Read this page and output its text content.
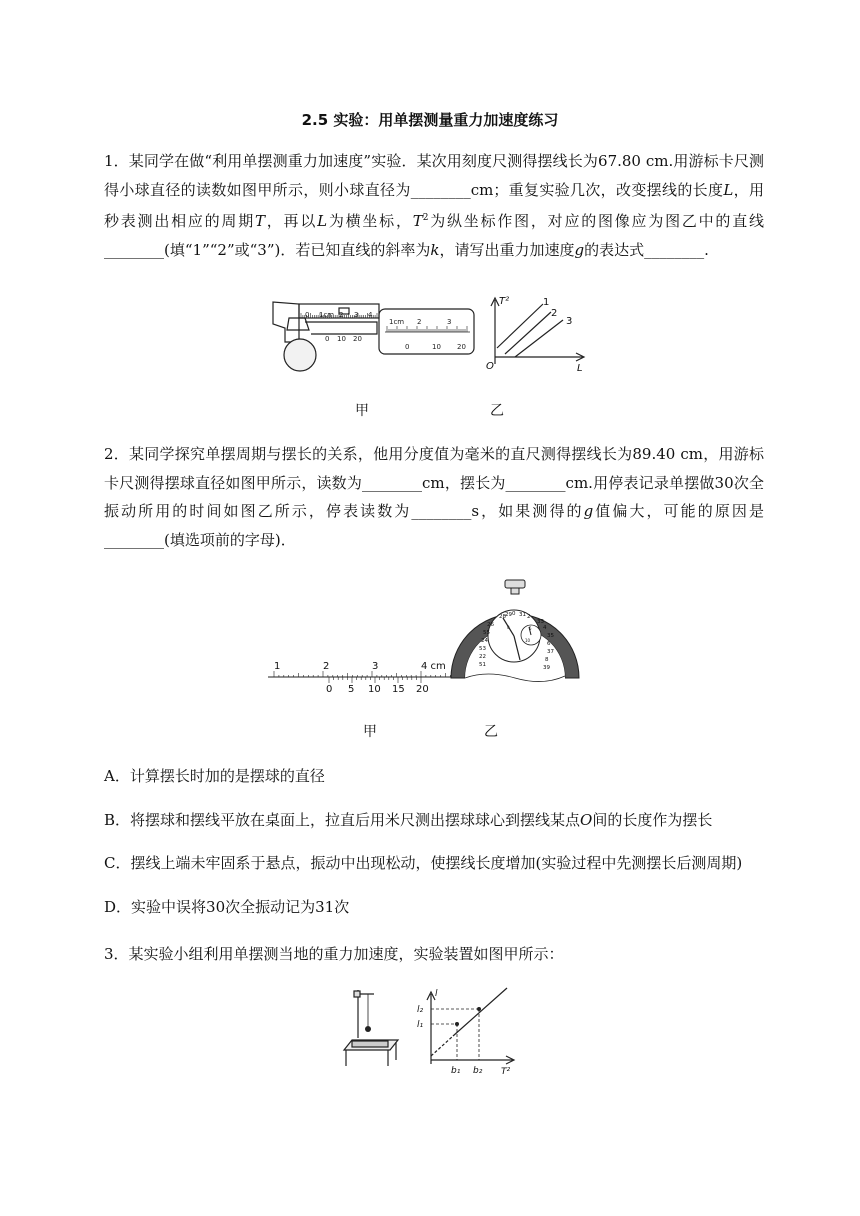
2.5 实验：用单摆测量重力加速度练习
1．某同学在做“利用单摆测重力加速度”实验．某次用刻度尺测得摆线长为67.80 cm.用游标卡尺测得小球直径的读数如图甲所示，则小球直径为________cm；重复实验几次，改变摆线的长度L，用秒表测出相应的周期T，再以L为横坐标，$T^2$为纵坐标作图，对应的图像应为图乙中的直线________(填“1”“2”或“3”)．若已知直线的斜率为k，请写出重力加速度g的表达式________.
0 1cm 2 3 4
0 10 20
1cm 2	3
0	10 20
T²
L
O
1
2
3
甲	乙
2．某同学探究单摆周期与摆长的关系，他用分度值为毫米的直尺测得摆线长为89.40 cm，用游标卡尺测得摆球直径如图甲所示，读数为________cm，摆长为________cm.用停表记录单摆做30次全振动所用的时间如图乙所示，停表读数为________s，如果测得的g值偏大，可能的原因是________(填选项前的字母)．
1	2	3	4 cm
0 5 10 15 20
28 29 0 31 2
33
4
35
6
37
8
39
26
55
24
53
22
51
0	5
10
甲	乙
A．计算摆长时加的是摆球的直径
B．将摆球和摆线平放在桌面上，拉直后用米尺测出摆球球心到摆线某点O间的长度作为摆长
C．摆线上端未牢固系于悬点，振动中出现松动，使摆线长度增加(实验过程中先测摆长后测周期)
D．实验中误将30次全振动记为31次
3．某实验小组利用单摆测当地的重力加速度，实验装置如图甲所示：
l
T²
l₂
l₁
b₁ b₂
